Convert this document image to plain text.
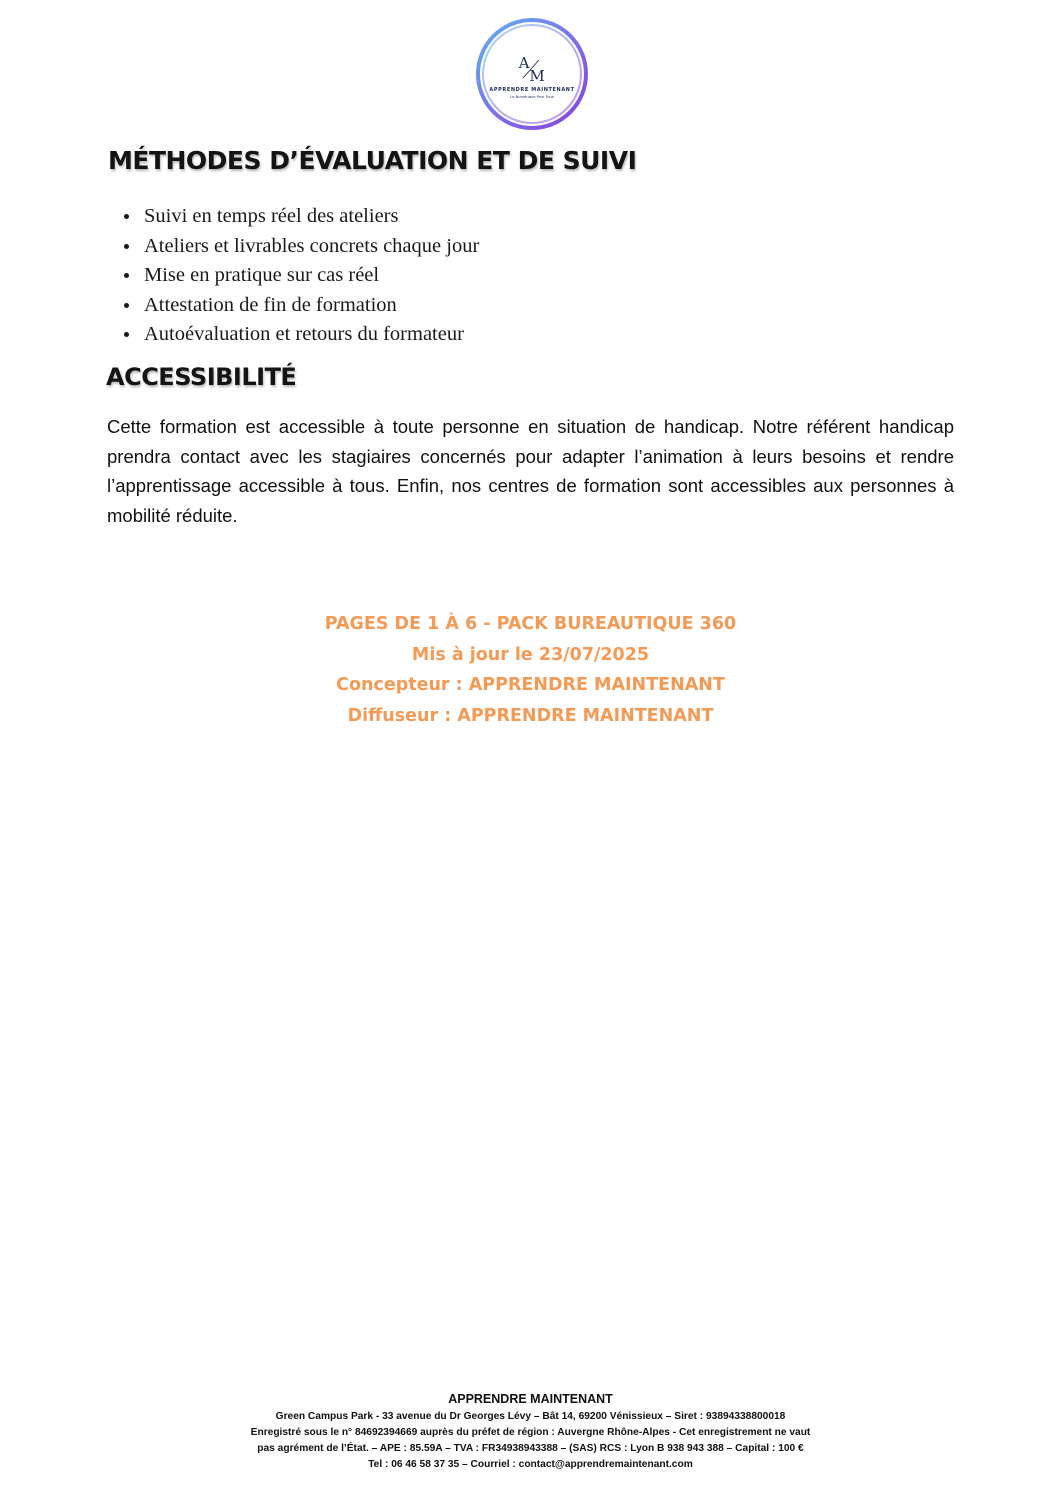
A
M
APPRENDRE MAINTENANT
Le Numérique Pour Tous
MÉTHODES D’ÉVALUATION ET DE SUIVI
Suivi en temps réel des ateliers
Ateliers et livrables concrets chaque jour
Mise en pratique sur cas réel
Attestation de fin de formation
Autoévaluation et retours du formateur
ACCESSIBILITÉ

Cette formation est accessible à toute personne en situation de handicap. Notre référent handicap prendra contact avec les stagiaires concernés pour adapter l’animation à leurs besoins et rendre l’apprentissage accessible à tous. Enfin, nos centres de formation sont accessibles aux personnes à mobilité réduite.

PAGES DE 1 À 6 - PACK BUREAUTIQUE 360
Mis à jour le 23/07/2025
Concepteur : APPRENDRE MAINTENANT
Diffuseur : APPRENDRE MAINTENANT
APPRENDRE MAINTENANT
Green Campus Park - 33 avenue du Dr Georges Lévy – Bât 14, 69200 Vénissieux – Siret : 93894338800018
Enregistré sous le n° 84692394669 auprès du préfet de région : Auvergne Rhône-Alpes - Cet enregistrement ne vaut
pas agrément de l’État. – APE : 85.59A – TVA : FR34938943388 – (SAS) RCS : Lyon B 938 943 388 – Capital : 100 €
Tel : 06 46 58 37 35 – Courriel : contact@apprendremaintenant.com
